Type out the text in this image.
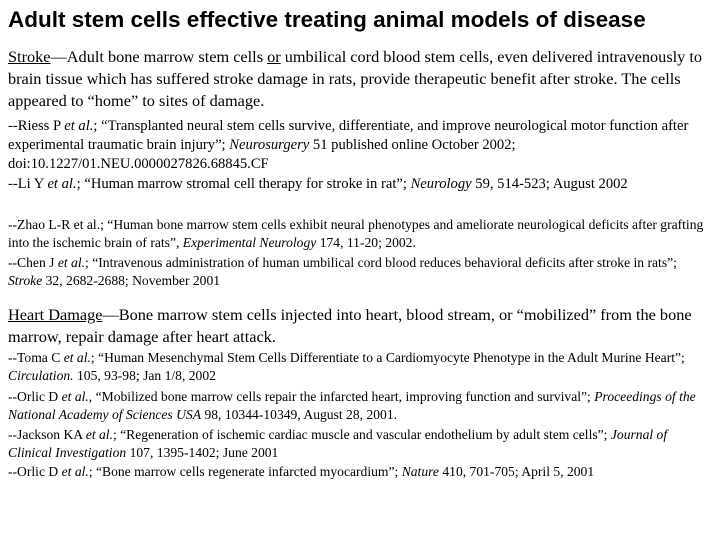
Adult stem cells effective treating animal models of disease
Stroke—Adult bone marrow stem cells or umbilical cord blood stem cells, even delivered intravenously to brain tissue which has suffered stroke damage in rats, provide therapeutic benefit after stroke. The cells appeared to “home” to sites of damage.
--Riess P et al.; “Transplanted neural stem cells survive, differentiate, and improve neurological motor function after experimental traumatic brain injury”; Neurosurgery 51 published online October 2002; doi:10.1227/01.NEU.0000027826.68845.CF
--Li Y et al.; “Human marrow stromal cell therapy for stroke in rat”; Neurology 59, 514-523; August 2002
--Zhao L-R et al.; “Human bone marrow stem cells exhibit neural phenotypes and ameliorate neurological deficits after grafting into the ischemic brain of rats”, Experimental Neurology 174, 11-20; 2002.
--Chen J et al.; “Intravenous administration of human umbilical cord blood reduces behavioral deficits after stroke in rats”; Stroke 32, 2682-2688; November 2001
Heart Damage—Bone marrow stem cells injected into heart, blood stream, or “mobilized” from the bone marrow, repair damage after heart attack.
--Toma C et al.; “Human Mesenchymal Stem Cells Differentiate to a Cardiomyocyte Phenotype in the Adult Murine Heart”; Circulation. 105, 93-98; Jan 1/8, 2002
--Orlic D et al., “Mobilized bone marrow cells repair the infarcted heart, improving function and survival”; Proceedings of the National Academy of Sciences USA 98, 10344-10349, August 28, 2001.
--Jackson KA et al.; “Regeneration of ischemic cardiac muscle and vascular endothelium by adult stem cells”; Journal of Clinical Investigation 107, 1395-1402; June 2001
--Orlic D et al.; “Bone marrow cells regenerate infarcted myocardium”; Nature 410, 701-705; April 5, 2001
